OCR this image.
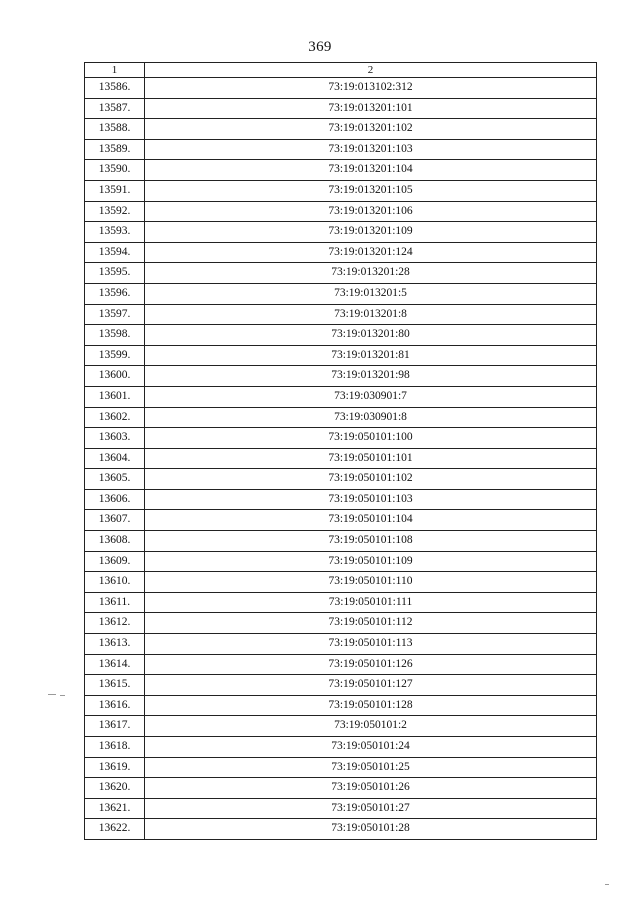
369
1	2
13586.	73:19:013102:312
13587.	73:19:013201:101
13588.	73:19:013201:102
13589.	73:19:013201:103
13590.	73:19:013201:104
13591.	73:19:013201:105
13592.	73:19:013201:106
13593.	73:19:013201:109
13594.	73:19:013201:124
13595.	73:19:013201:28
13596.	73:19:013201:5
13597.	73:19:013201:8
13598.	73:19:013201:80
13599.	73:19:013201:81
13600.	73:19:013201:98
13601.	73:19:030901:7
13602.	73:19:030901:8
13603.	73:19:050101:100
13604.	73:19:050101:101
13605.	73:19:050101:102
13606.	73:19:050101:103
13607.	73:19:050101:104
13608.	73:19:050101:108
13609.	73:19:050101:109
13610.	73:19:050101:110
13611.	73:19:050101:111
13612.	73:19:050101:112
13613.	73:19:050101:113
13614.	73:19:050101:126
13615.	73:19:050101:127
13616.	73:19:050101:128
13617.	73:19:050101:2
13618.	73:19:050101:24
13619.	73:19:050101:25
13620.	73:19:050101:26
13621.	73:19:050101:27
13622.	73:19:050101:28
